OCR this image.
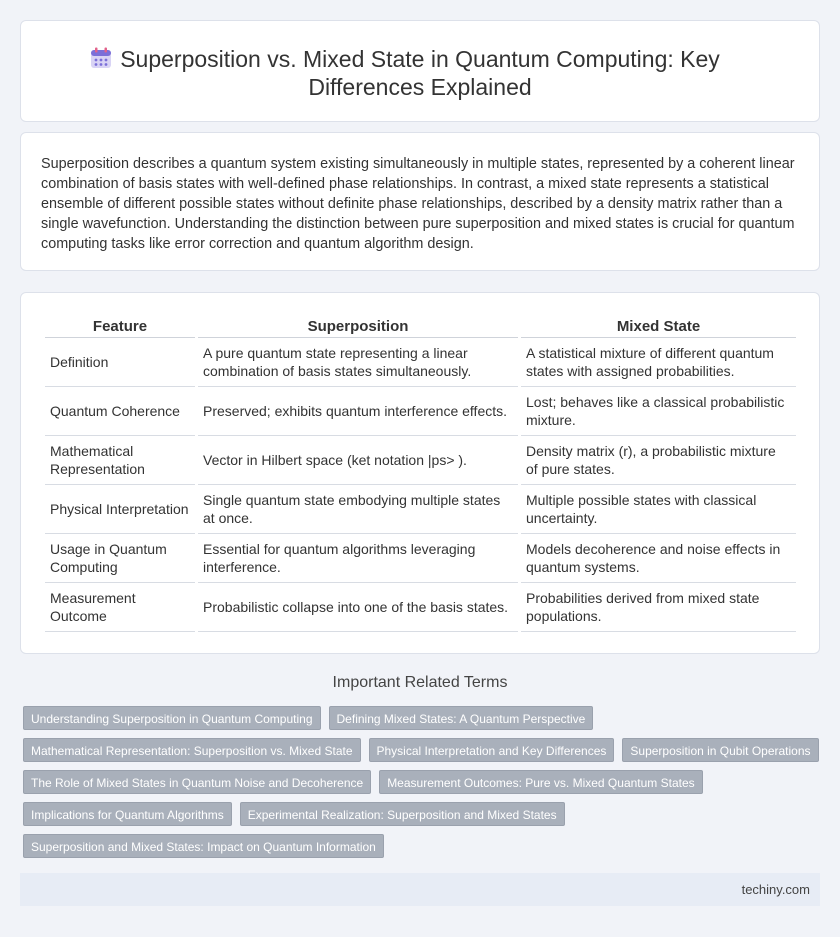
Superposition vs. Mixed State in Quantum Computing: Key Differences Explained

Superposition describes a quantum system existing simultaneously in multiple states, represented by a coherent linear combination of basis states with well-defined phase relationships. In contrast, a mixed state represents a statistical ensemble of different possible states without definite phase relationships, described by a density matrix rather than a single wavefunction. Understanding the distinction between pure superposition and mixed states is crucial for quantum computing tasks like error correction and quantum algorithm design.

Feature	Superposition	Mixed State
Definition	A pure quantum state representing a linear combination of basis states simultaneously.	A statistical mixture of different quantum states with assigned probabilities.
Quantum Coherence	Preserved; exhibits quantum interference effects.	Lost; behaves like a classical probabilistic mixture.
Mathematical Representation	Vector in Hilbert space (ket notation |ps> ).	Density matrix (r), a probabilistic mixture of pure states.
Physical Interpretation	Single quantum state embodying multiple states at once.	Multiple possible states with classical uncertainty.
Usage in Quantum Computing	Essential for quantum algorithms leveraging interference.	Models decoherence and noise effects in quantum systems.
Measurement Outcome	Probabilistic collapse into one of the basis states.	Probabilities derived from mixed state populations.
Important Related Terms
Understanding Superposition in Quantum Computing	Defining Mixed States: A Quantum Perspective
Mathematical Representation: Superposition vs. Mixed State	Physical Interpretation and Key Differences	Superposition in Qubit Operations
The Role of Mixed States in Quantum Noise and Decoherence	Measurement Outcomes: Pure vs. Mixed Quantum States
Implications for Quantum Algorithms	Experimental Realization: Superposition and Mixed States
Superposition and Mixed States: Impact on Quantum Information
techiny.com
